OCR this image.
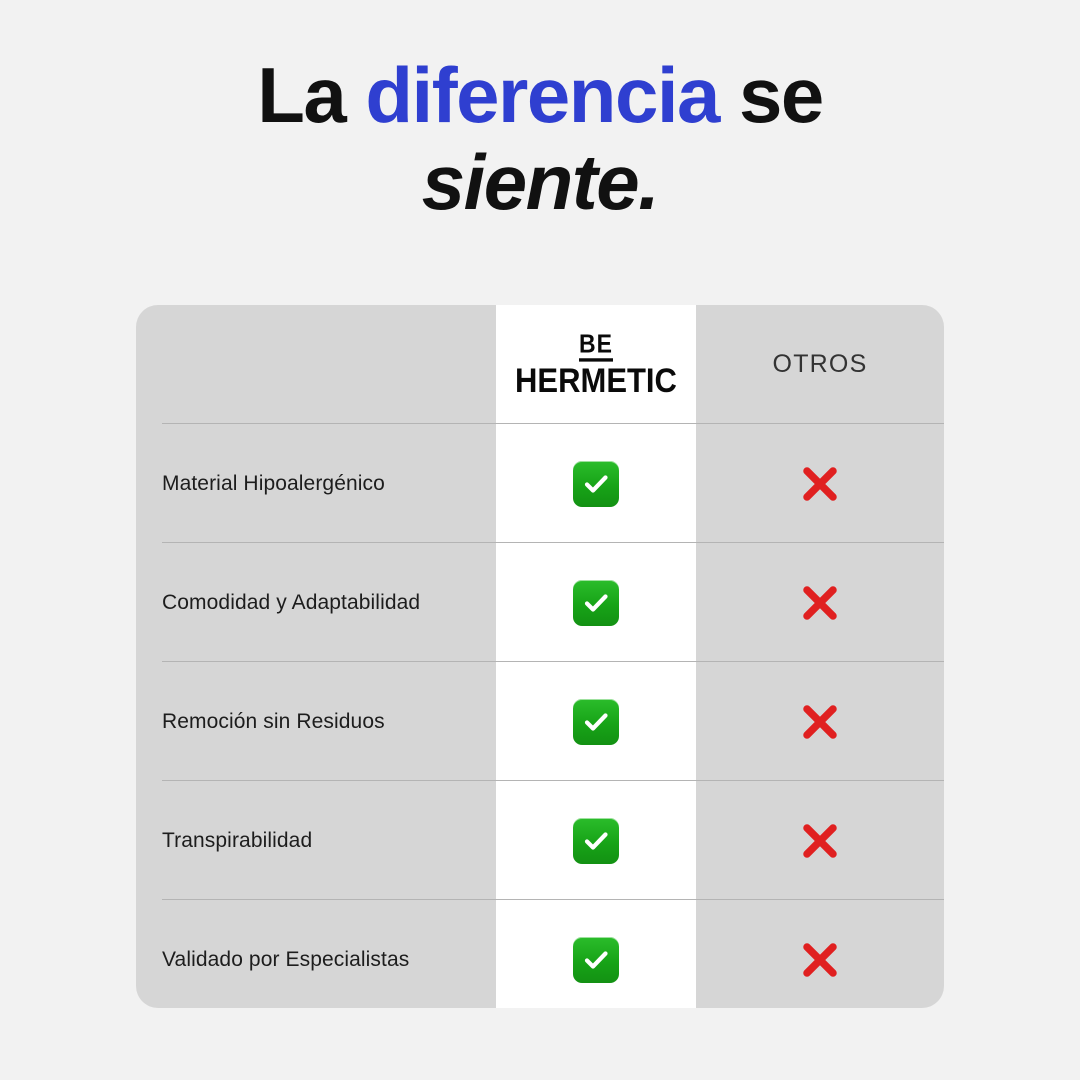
La diferencia se
siente.
BE
HERMETIC	OTROS
Material Hipoalergénico
Comodidad y Adaptabilidad
Remoción sin Residuos
Transpirabilidad
Validado por Especialistas
